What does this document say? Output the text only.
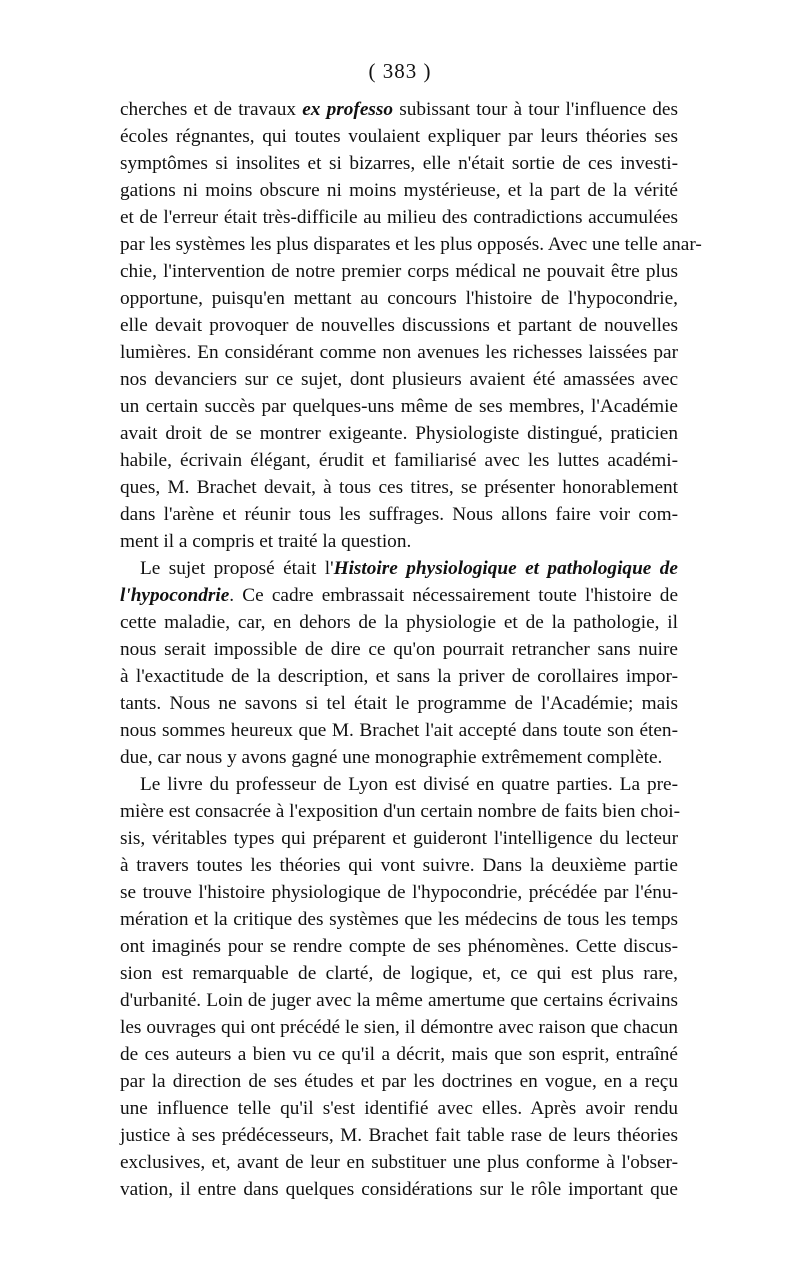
( 383 )
cherches et de travaux ex professo subissant tour à tour l'influence des
écoles régnantes, qui toutes voulaient expliquer par leurs théories ses
symptômes si insolites et si bizarres, elle n'était sortie de ces investi-
gations ni moins obscure ni moins mystérieuse, et la part de la vérité
et de l'erreur était très-difficile au milieu des contradictions accumulées
par les systèmes les plus disparates et les plus opposés. Avec une telle anar-
chie, l'intervention de notre premier corps médical ne pouvait être plus
opportune, puisqu'en mettant au concours l'histoire de l'hypocondrie,
elle devait provoquer de nouvelles discussions et partant de nouvelles
lumières. En considérant comme non avenues les richesses laissées par
nos devanciers sur ce sujet, dont plusieurs avaient été amassées avec
un certain succès par quelques-uns même de ses membres, l'Académie
avait droit de se montrer exigeante. Physiologiste distingué, praticien
habile, écrivain élégant, érudit et familiarisé avec les luttes académi-
ques, M. Brachet devait, à tous ces titres, se présenter honorablement
dans l'arène et réunir tous les suffrages. Nous allons faire voir com-
ment il a compris et traité la question.
Le sujet proposé était l'Histoire physiologique et pathologique de
l'hypocondrie. Ce cadre embrassait nécessairement toute l'histoire de
cette maladie, car, en dehors de la physiologie et de la pathologie, il
nous serait impossible de dire ce qu'on pourrait retrancher sans nuire
à l'exactitude de la description, et sans la priver de corollaires impor-
tants. Nous ne savons si tel était le programme de l'Académie; mais
nous sommes heureux que M. Brachet l'ait accepté dans toute son éten-
due, car nous y avons gagné une monographie extrêmement complète.
Le livre du professeur de Lyon est divisé en quatre parties. La pre-
mière est consacrée à l'exposition d'un certain nombre de faits bien choi-
sis, véritables types qui préparent et guideront l'intelligence du lecteur
à travers toutes les théories qui vont suivre. Dans la deuxième partie
se trouve l'histoire physiologique de l'hypocondrie, précédée par l'énu-
mération et la critique des systèmes que les médecins de tous les temps
ont imaginés pour se rendre compte de ses phénomènes. Cette discus-
sion est remarquable de clarté, de logique, et, ce qui est plus rare,
d'urbanité. Loin de juger avec la même amertume que certains écrivains
les ouvrages qui ont précédé le sien, il démontre avec raison que chacun
de ces auteurs a bien vu ce qu'il a décrit, mais que son esprit, entraîné
par la direction de ses études et par les doctrines en vogue, en a reçu
une influence telle qu'il s'est identifié avec elles. Après avoir rendu
justice à ses prédécesseurs, M. Brachet fait table rase de leurs théories
exclusives, et, avant de leur en substituer une plus conforme à l'obser-
vation, il entre dans quelques considérations sur le rôle important que
